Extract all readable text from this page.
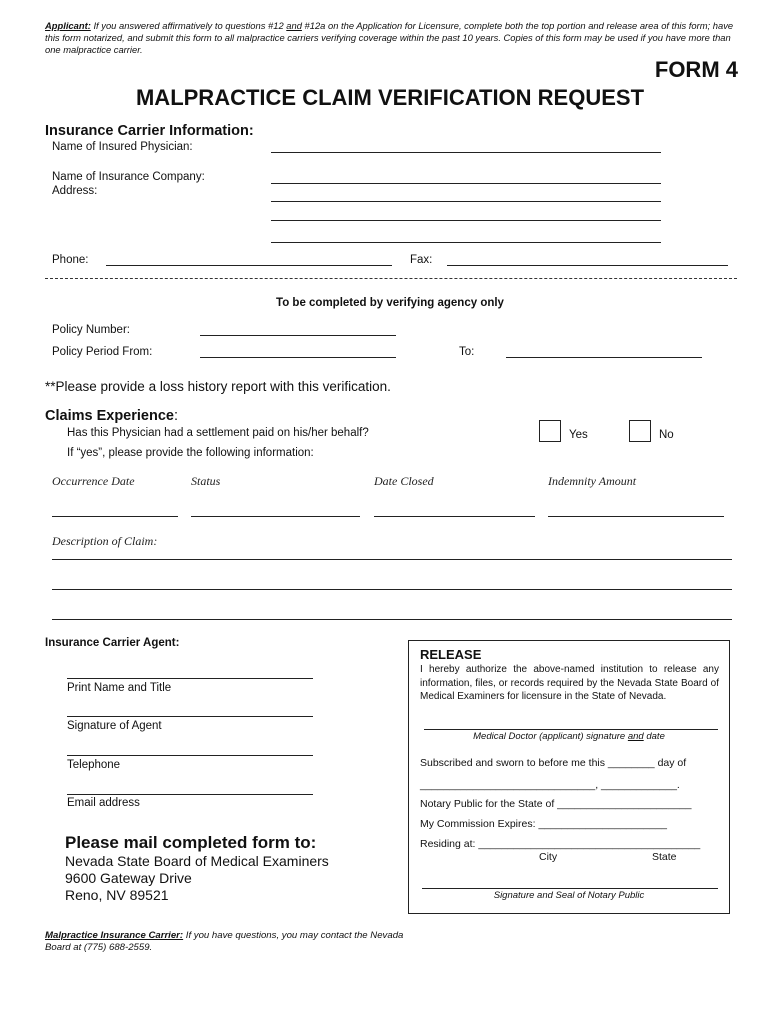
Applicant: If you answered affirmatively to questions #12 and #12a on the Application for Licensure, complete both the top portion and release area of this form; have this form notarized, and submit this form to all malpractice carriers verifying coverage within the past 10 years. Copies of this form may be used if you have more than one malpractice carrier.
FORM 4
MALPRACTICE CLAIM VERIFICATION REQUEST
Insurance Carrier Information:
Name of Insured Physician:
Name of Insurance Company:
Address:
Phone:	Fax:
To be completed by verifying agency only
Policy Number:
Policy Period From:	To:
**Please provide a loss history report with this verification.
Claims Experience:
Has this Physician had a settlement paid on his/her behalf?	Yes	No
If “yes”, please provide the following information:
Occurrence Date	Status	Date Closed	Indemnity Amount
Description of Claim:
Insurance Carrier Agent:
Print Name and Title
Signature of Agent
Telephone
Email address
Please mail completed form to:
Nevada State Board of Medical Examiners
9600 Gateway Drive
Reno, NV 89521
RELEASE
I hereby authorize the above-named institution to release any information, files, or records required by the Nevada State Board of Medical Examiners for licensure in the State of Nevada.
Medical Doctor (applicant) signature and date
Subscribed and sworn to before me this ________ day of
______________________________, _____________.
Notary Public for the State of _______________________
My Commission Expires: ______________________
Residing at: ______________________________________
City	State
Signature and Seal of Notary Public
Malpractice Insurance Carrier: If you have questions, you may contact the Nevada Board at (775) 688-2559.
